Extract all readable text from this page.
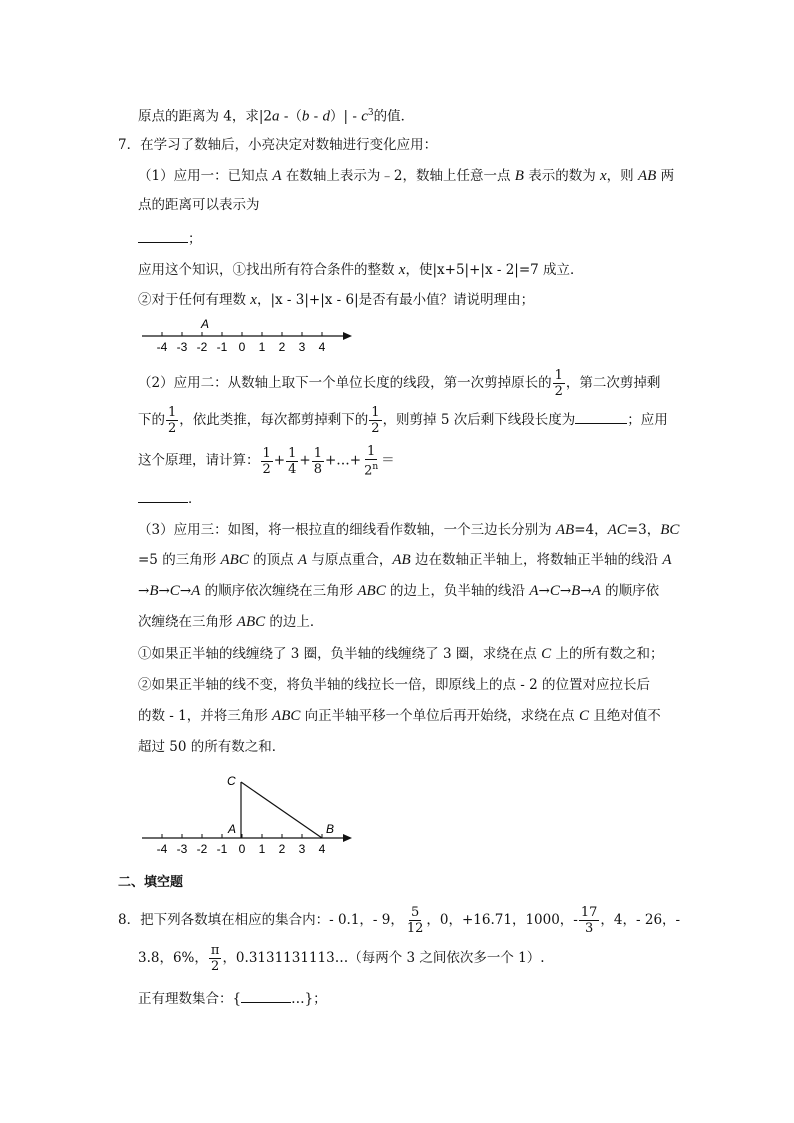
原点的距离为 4，求|2a $-(b - d)| - c^3$的值．
7．在学习了数轴后，小亮决定对数轴进行变化应用：
（1）应用一：已知点 A 在数轴上表示为﹣2，数轴上任意一点 B 表示的数为 x，则 AB 两
点的距离可以表示为
；
应用这个知识，①找出所有符合条件的整数 x，使|x+5|+|x - 2|=7 成立．
②对于任何有理数 x，|x - 3|+|x - 6|是否有最小值？请说明理由；
-4 -3 -2 -1 0 1 2 3 4
A
（2）应用二：从数轴上取下一个单位长度的线段，第一次剪掉原长的 $\frac{1}{2}$ ，第二次剪掉剩
下的 $\frac{1}{2}$ ，依此类推，每次都剪掉剩下的 $\frac{1}{2}$ ，则剪掉 5 次后剩下线段长度为	；应用
这个原理，请计算： $\frac{1}{2} + \frac{1}{4} + \frac{1}{8}$ +…+ $\frac{1}{2^n}$ ＝
．
（3）应用三：如图，将一根拉直的细线看作数轴，一个三边长分别为 AB=4，AC=3，BC
=5 的三角形 ABC 的顶点 A 与原点重合，AB 边在数轴正半轴上，将数轴正半轴的线沿 A
→B→C→A 的顺序依次缠绕在三角形 ABC 的边上，负半轴的线沿 A→C→B→A 的顺序依
次缠绕在三角形 ABC 的边上．
①如果正半轴的线缠绕了 3 圈，负半轴的线缠绕了 3 圈，求绕在点 C 上的所有数之和；
②如果正半轴的线不变，将负半轴的线拉长一倍，即原线上的点 - 2 的位置对应拉长后
的数 - 1，并将三角形 ABC 向正半轴平移一个单位后再开始绕，求绕在点 C 且绝对值不
超过 50 的所有数之和．
-4 -3 -2 -1 0 1 2 3 4
C
A	B
二、填空题
8．把下列各数填在相应的集合内：- 0.1，- 9， $\frac{5}{12}$ ，0，+16.71，1000，- $\frac{17}{3}$ ，4，- 26，-
3.8，6%， $\frac{\pi}{2}$ ，0.3131131113…（每两个 3 之间依次多一个 1）.
正有理数集合：{	…}；
